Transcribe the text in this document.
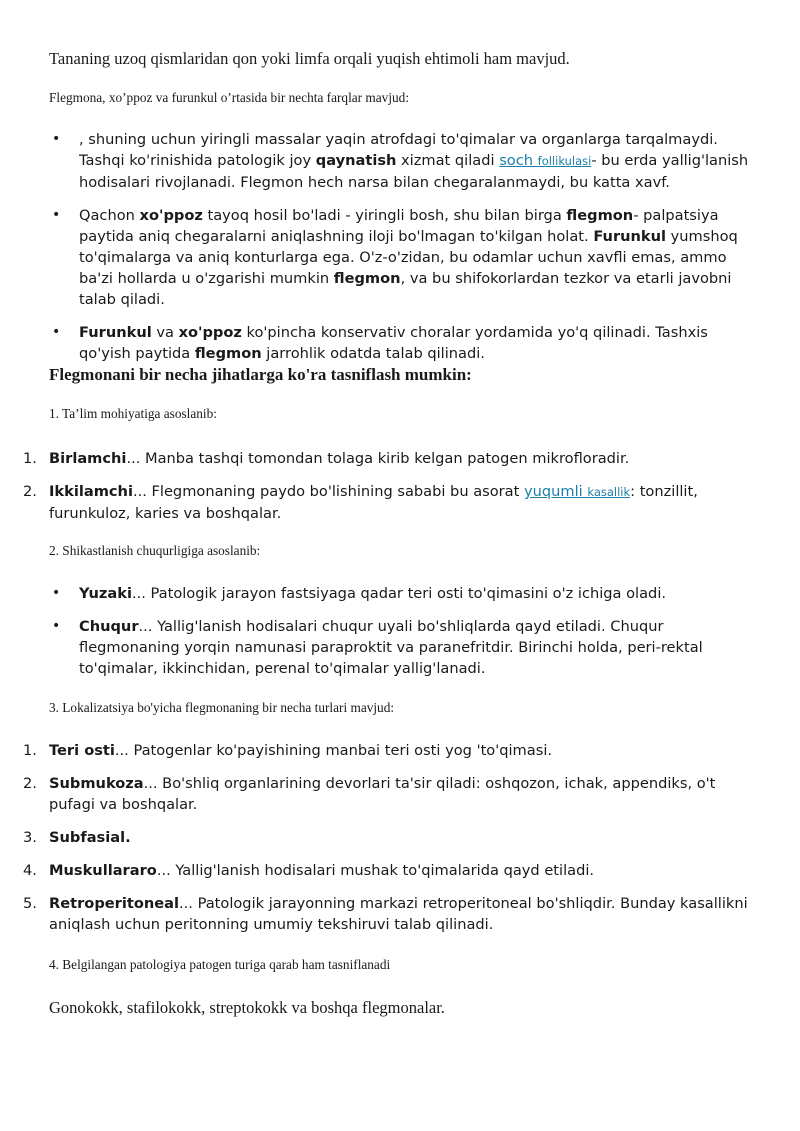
Tananing uzoq qismlaridan qon yoki limfa orqali yuqish ehtimoli ham mavjud.

Flegmona, xo’ppoz va furunkul o’rtasida bir nechta farqlar mavjud:

• , shuning uchun yiringli massalar yaqin atrofdagi to'qimalar va organlarga tarqalmaydi. Tashqi ko'rinishida patologik joy qaynatish xizmat qiladi soch follikulasi- bu erda yallig'lanish hodisalari rivojlanadi. Flegmon hech narsa bilan chegaralanmaydi, bu katta xavf.
• Qachon xo'ppoz tayoq hosil bo'ladi - yiringli bosh, shu bilan birga flegmon- palpatsiya paytida aniq chegaralarni aniqlashning iloji bo'lmagan to'kilgan holat. Furunkul yumshoq to'qimalarga va aniq konturlarga ega. O'z-o'zidan, bu odamlar uchun xavfli emas, ammo ba'zi hollarda u o'zgarishi mumkin flegmon, va bu shifokorlardan tezkor va etarli javobni talab qiladi.
• Furunkul va xo'ppoz ko'pincha konservativ choralar yordamida yo'q qilinadi. Tashxis qo'yish paytida flegmon jarrohlik odatda talab qilinadi.

Flegmonani bir necha jihatlarga ko'ra tasniflash mumkin:

1. Ta’lim mohiyatiga asoslanib:

1. Birlamchi... Manba tashqi tomondan tolaga kirib kelgan patogen mikrofloradir.
2. Ikkilamchi... Flegmonaning paydo bo'lishining sababi bu asorat yuqumli kasallik: tonzillit, furunkuloz, karies va boshqalar.

2. Shikastlanish chuqurligiga asoslanib:

• Yuzaki... Patologik jarayon fastsiyaga qadar teri osti to'qimasini o'z ichiga oladi.
• Chuqur... Yallig'lanish hodisalari chuqur uyali bo'shliqlarda qayd etiladi. Chuqur flegmonaning yorqin namunasi paraproktit va paranefritdir. Birinchi holda, peri-rektal to'qimalar, ikkinchidan, perenal to'qimalar yallig'lanadi.

3. Lokalizatsiya bo'yicha flegmonaning bir necha turlari mavjud:

1. Teri osti... Patogenlar ko'payishining manbai teri osti yog 'to'qimasi.
2. Submukoza... Bo'shliq organlarining devorlari ta'sir qiladi: oshqozon, ichak, appendiks, o't pufagi va boshqalar.
3. Subfasial.
4. Muskullararo... Yallig'lanish hodisalari mushak to'qimalarida qayd etiladi.
5. Retroperitoneal... Patologik jarayonning markazi retroperitoneal bo'shliqdir. Bunday kasallikni aniqlash uchun peritonning umumiy tekshiruvi talab qilinadi.

4. Belgilangan patologiya patogen turiga qarab ham tasniflanadi

Gonokokk, stafilokokk, streptokokk va boshqa flegmonalar.
